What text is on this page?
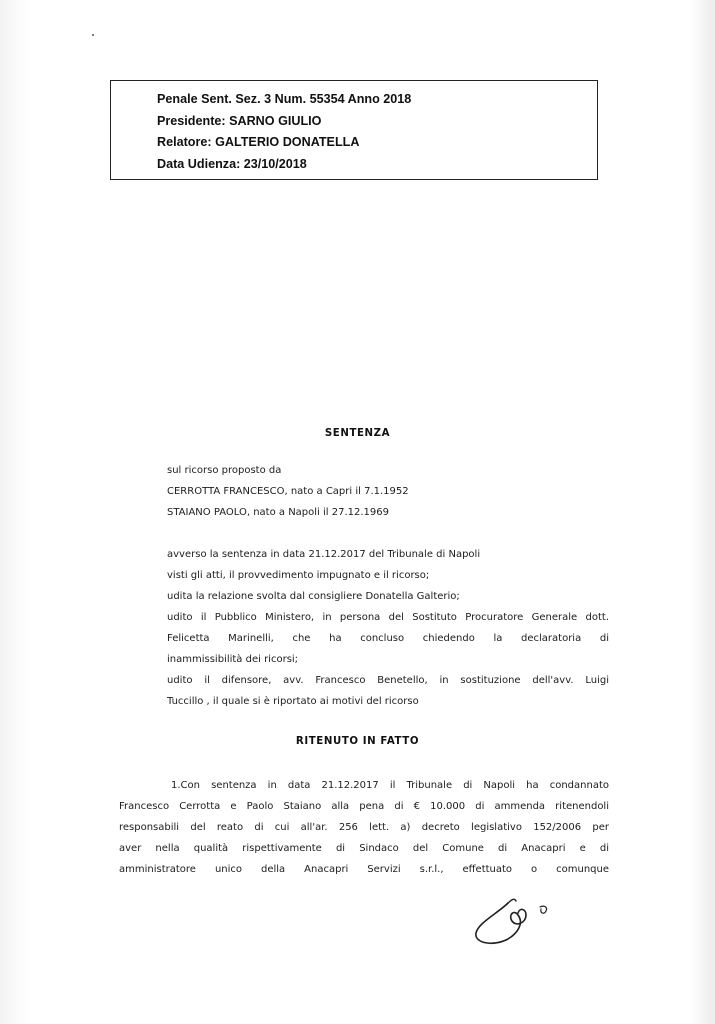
Penale Sent. Sez. 3 Num. 55354 Anno 2018
Presidente: SARNO GIULIO
Relatore: GALTERIO DONATELLA
Data Udienza: 23/10/2018
SENTENZA
sul ricorso proposto da
CERROTTA FRANCESCO, nato a Capri il 7.1.1952
STAIANO PAOLO, nato a Napoli il 27.12.1969
avverso la sentenza in data 21.12.2017 del Tribunale di Napoli
visti gli atti, il provvedimento impugnato e il ricorso;
udita la relazione svolta dal consigliere Donatella Galterio;
udito il Pubblico Ministero, in persona del Sostituto Procuratore Generale dott.
Felicetta Marinelli, che ha concluso chiedendo la declaratoria di
inammissibilità dei ricorsi;
udito il difensore, avv. Francesco Benetello, in sostituzione dell'avv. Luigi
Tuccillo , il quale si è riportato ai motivi del ricorso
RITENUTO IN FATTO
1.Con sentenza in data 21.12.2017 il Tribunale di Napoli ha condannato
Francesco Cerrotta e Paolo Staiano alla pena di € 10.000 di ammenda ritenendoli
responsabili del reato di cui all'ar. 256 lett. a) decreto legislativo 152/2006 per
aver nella qualità rispettivamente di Sindaco del Comune di Anacapri e di
amministratore unico della Anacapri Servizi s.r.l., effettuato o comunque
